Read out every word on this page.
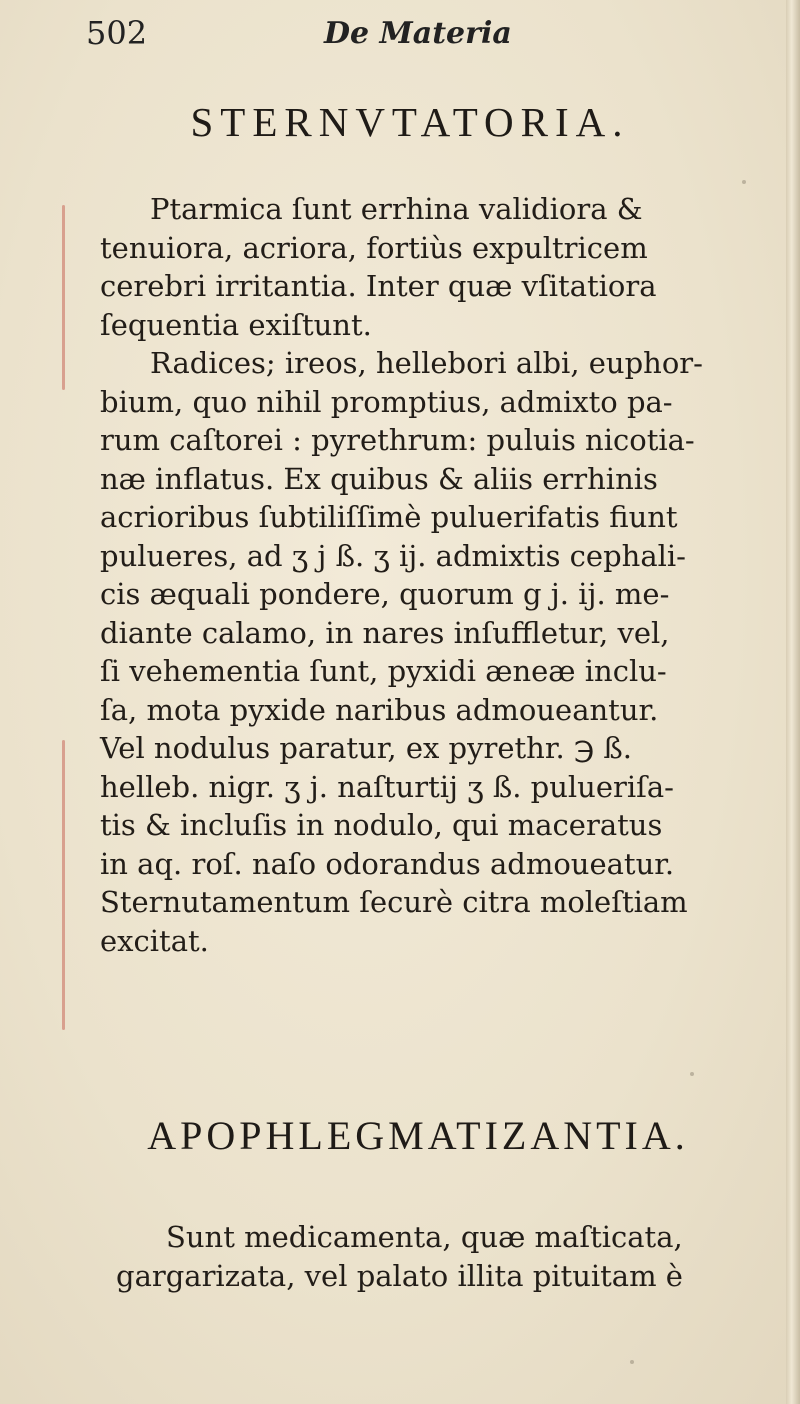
502	De Materia
STERNVTATORIA.
Ptarmica ſunt errhina validiora &
tenuiora, acriora, fortiùs expultricem
cerebri irritantia. Inter quæ vſitatiora
ſequentia exiſtunt.
Radices; ireos, hellebori albi, euphor-
bium, quo nihil promptius, admixto pa-
rum caſtorei : pyrethrum: puluis nicotia-
næ inflatus. Ex quibus & aliis errhinis
acrioribus ſubtiliſſimè puluerifatis fiunt
pulueres, ad ʒ j ß. ʒ ij. admixtis cephali-
cis æquali pondere, quorum g j. ij. me-
diante calamo, in nares inſuffletur, vel,
ſi vehementia ſunt, pyxidi æneæ inclu-
ſa, mota pyxide naribus admoueantur.
Vel nodulus paratur, ex pyrethr. ℈ ß.
helleb. nigr. ʒ j. naſturtij ʒ ß. pulueriſa-
tis & incluſis in nodulo, qui maceratus
in aq. roſ. naſo odorandus admoueatur.
Sternutamentum ſecurè citra moleſtiam
excitat.
APOPHLEGMATIZANTIA.
Sunt medicamenta, quæ maſticata,
gargarizata, vel palato illita pituitam è
